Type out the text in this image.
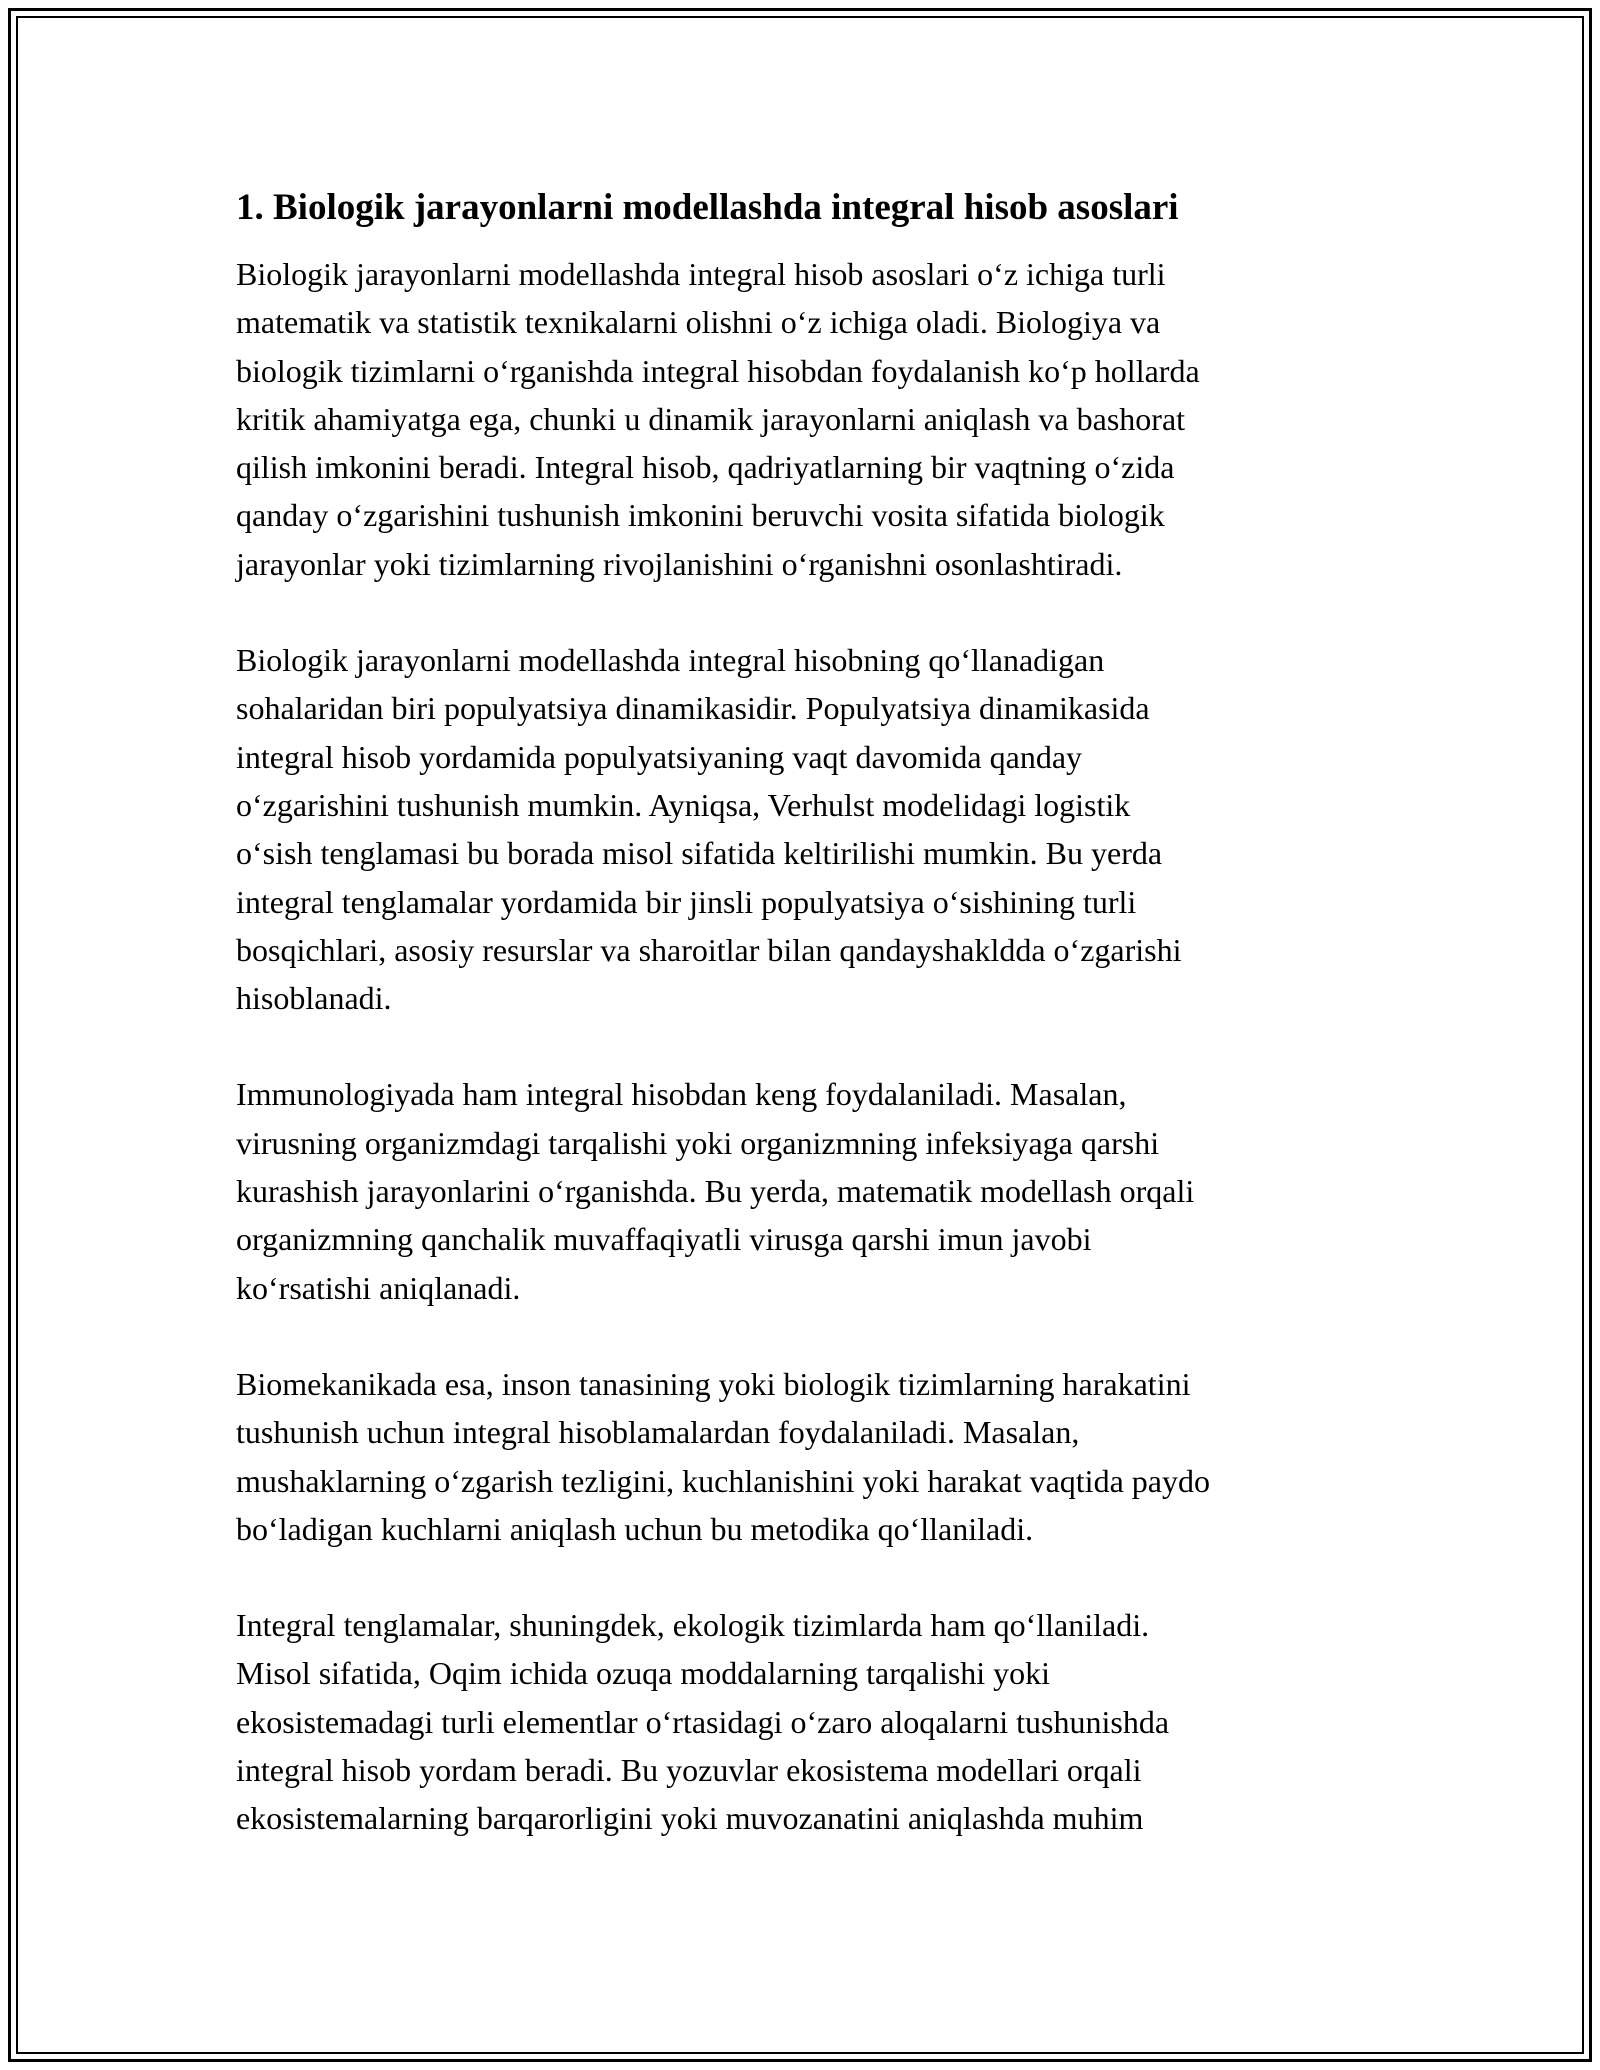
1. Biologik jarayonlarni modellashda integral hisob asoslari

Biologik jarayonlarni modellashda integral hisob asoslari o‘z ichiga turli
matematik va statistik texnikalarni olishni o‘z ichiga oladi. Biologiya va
biologik tizimlarni o‘rganishda integral hisobdan foydalanish ko‘p hollarda
kritik ahamiyatga ega, chunki u dinamik jarayonlarni aniqlash va bashorat
qilish imkonini beradi. Integral hisob, qadriyatlarning bir vaqtning o‘zida
qanday o‘zgarishini tushunish imkonini beruvchi vosita sifatida biologik
jarayonlar yoki tizimlarning rivojlanishini o‘rganishni osonlashtiradi.

Biologik jarayonlarni modellashda integral hisobning qo‘llanadigan
sohalaridan biri populyatsiya dinamikasidir. Populyatsiya dinamikasida
integral hisob yordamida populyatsiyaning vaqt davomida qanday
o‘zgarishini tushunish mumkin. Ayniqsa, Verhulst modelidagi logistik
o‘sish tenglamasi bu borada misol sifatida keltirilishi mumkin. Bu yerda
integral tenglamalar yordamida bir jinsli populyatsiya o‘sishining turli
bosqichlari, asosiy resurslar va sharoitlar bilan qandayshakldda o‘zgarishi
hisoblanadi.

Immunologiyada ham integral hisobdan keng foydalaniladi. Masalan,
virusning organizmdagi tarqalishi yoki organizmning infeksiyaga qarshi
kurashish jarayonlarini o‘rganishda. Bu yerda, matematik modellash orqali
organizmning qanchalik muvaffaqiyatli virusga qarshi imun javobi
ko‘rsatishi aniqlanadi.

Biomekanikada esa, inson tanasining yoki biologik tizimlarning harakatini
tushunish uchun integral hisoblamalardan foydalaniladi. Masalan,
mushaklarning o‘zgarish tezligini, kuchlanishini yoki harakat vaqtida paydo
bo‘ladigan kuchlarni aniqlash uchun bu metodika qo‘llaniladi.

Integral tenglamalar, shuningdek, ekologik tizimlarda ham qo‘llaniladi.
Misol sifatida, Oqim ichida ozuqa moddalarning tarqalishi yoki
ekosistemadagi turli elementlar o‘rtasidagi o‘zaro aloqalarni tushunishda
integral hisob yordam beradi. Bu yozuvlar ekosistema modellari orqali
ekosistemalarning barqarorligini yoki muvozanatini aniqlashda muhim
